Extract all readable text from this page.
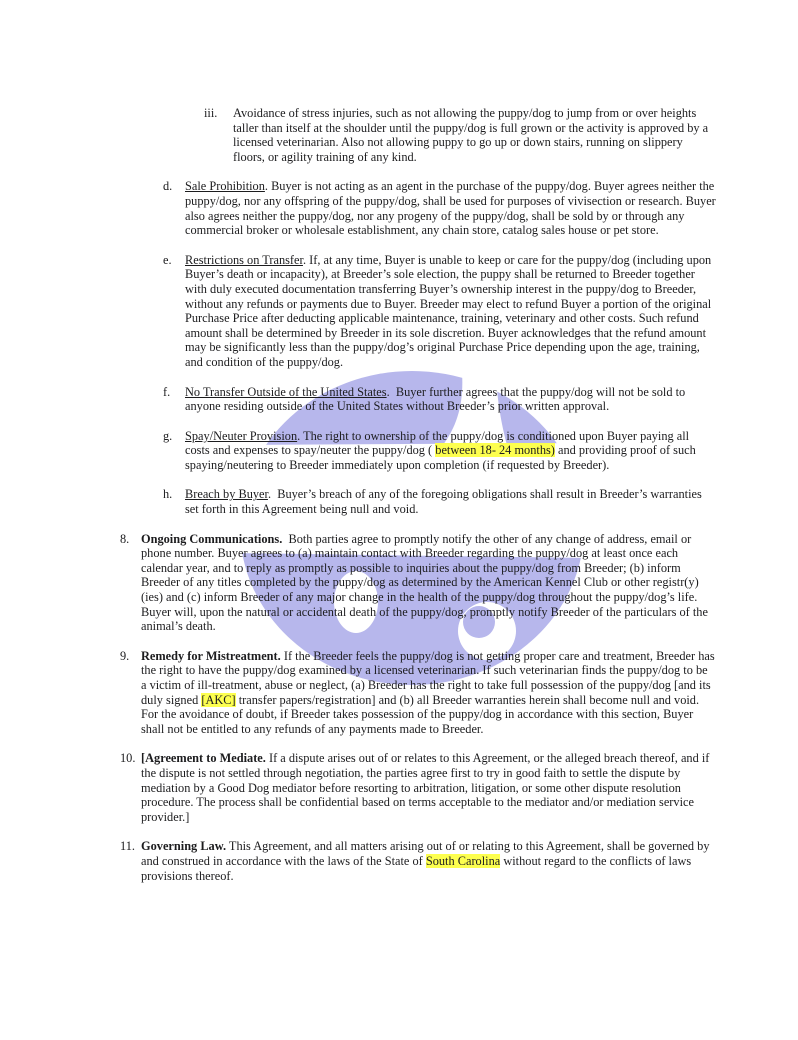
iii.	Avoidance of stress injuries, such as not allowing the puppy/dog to jump from or over heights taller than itself at the shoulder until the puppy/dog is full grown or the activity is approved by a licensed veterinarian. Also not allowing puppy to go up or down stairs, running on slippery floors, or agility training of any kind.
d.	Sale Prohibition. Buyer is not acting as an agent in the purchase of the puppy/dog. Buyer agrees neither the puppy/dog, nor any offspring of the puppy/dog, shall be used for purposes of vivisection or research. Buyer also agrees neither the puppy/dog, nor any progeny of the puppy/dog, shall be sold by or through any commercial broker or wholesale establishment, any chain store, catalog sales house or pet store.
e.	Restrictions on Transfer. If, at any time, Buyer is unable to keep or care for the puppy/dog (including upon Buyer’s death or incapacity), at Breeder’s sole election, the puppy shall be returned to Breeder together with duly executed documentation transferring Buyer’s ownership interest in the puppy/dog to Breeder,  without any refunds or payments due to Buyer. Breeder may elect to refund Buyer a portion of the original Purchase Price after deducting applicable maintenance, training, veterinary and other costs. Such refund amount shall be determined by Breeder in its sole discretion. Buyer acknowledges that the refund amount may be significantly less than the puppy/dog’s original Purchase Price depending upon the age, training, and condition of the puppy/dog.
f.	No Transfer Outside of the United States.  Buyer further agrees that the puppy/dog will not be sold to anyone residing outside of the United States without Breeder’s prior written approval.
g.	Spay/Neuter Provision. The right to ownership of the puppy/dog is conditioned upon Buyer paying all costs and expenses to spay/neuter the puppy/dog ( between 18- 24 months) and providing proof of such spaying/neutering to Breeder immediately upon completion (if requested by Breeder).
h.	Breach by Buyer.  Buyer’s breach of any of the foregoing obligations shall result in Breeder’s warranties set forth in this Agreement being null and void.
8. Ongoing Communications.  Both parties agree to promptly notify the other of any change of address, email or phone number. Buyer agrees to (a) maintain contact with Breeder regarding the puppy/dog at least once each calendar year, and to reply as promptly as possible to inquiries about the puppy/dog from Breeder; (b) inform Breeder of any titles completed by the puppy/dog as determined by the American Kennel Club or other registr(y)(ies) and (c) inform Breeder of any major change in the health of the puppy/dog throughout the puppy/dog’s life. Buyer will, upon the natural or accidental death of the puppy/dog, promptly notify Breeder of the particulars of the animal’s death.
9. Remedy for Mistreatment. If the Breeder feels the puppy/dog is not getting proper care and treatment, Breeder has the right to have the puppy/dog examined by a licensed veterinarian. If such veterinarian finds the puppy/dog to be a victim of ill-treatment, abuse or neglect, (a) Breeder has the right to take full possession of the puppy/dog [and its duly signed [AKC] transfer papers/registration] and (b) all Breeder warranties herein shall become null and void. For the avoidance of doubt, if Breeder takes possession of the puppy/dog in accordance with this section, Buyer shall not be entitled to any refunds of any payments made to Breeder.
10. [Agreement to Mediate. If a dispute arises out of or relates to this Agreement, or the alleged breach thereof, and if the dispute is not settled through negotiation, the parties agree first to try in good faith to settle the dispute by mediation by a Good Dog mediator before resorting to arbitration, litigation, or some other dispute resolution procedure. The process shall be confidential based on terms acceptable to the mediator and/or mediation service provider.]
11. Governing Law. This Agreement, and all matters arising out of or relating to this Agreement, shall be governed by and construed in accordance with the laws of the State of South Carolina without regard to the conflicts of laws provisions thereof.
